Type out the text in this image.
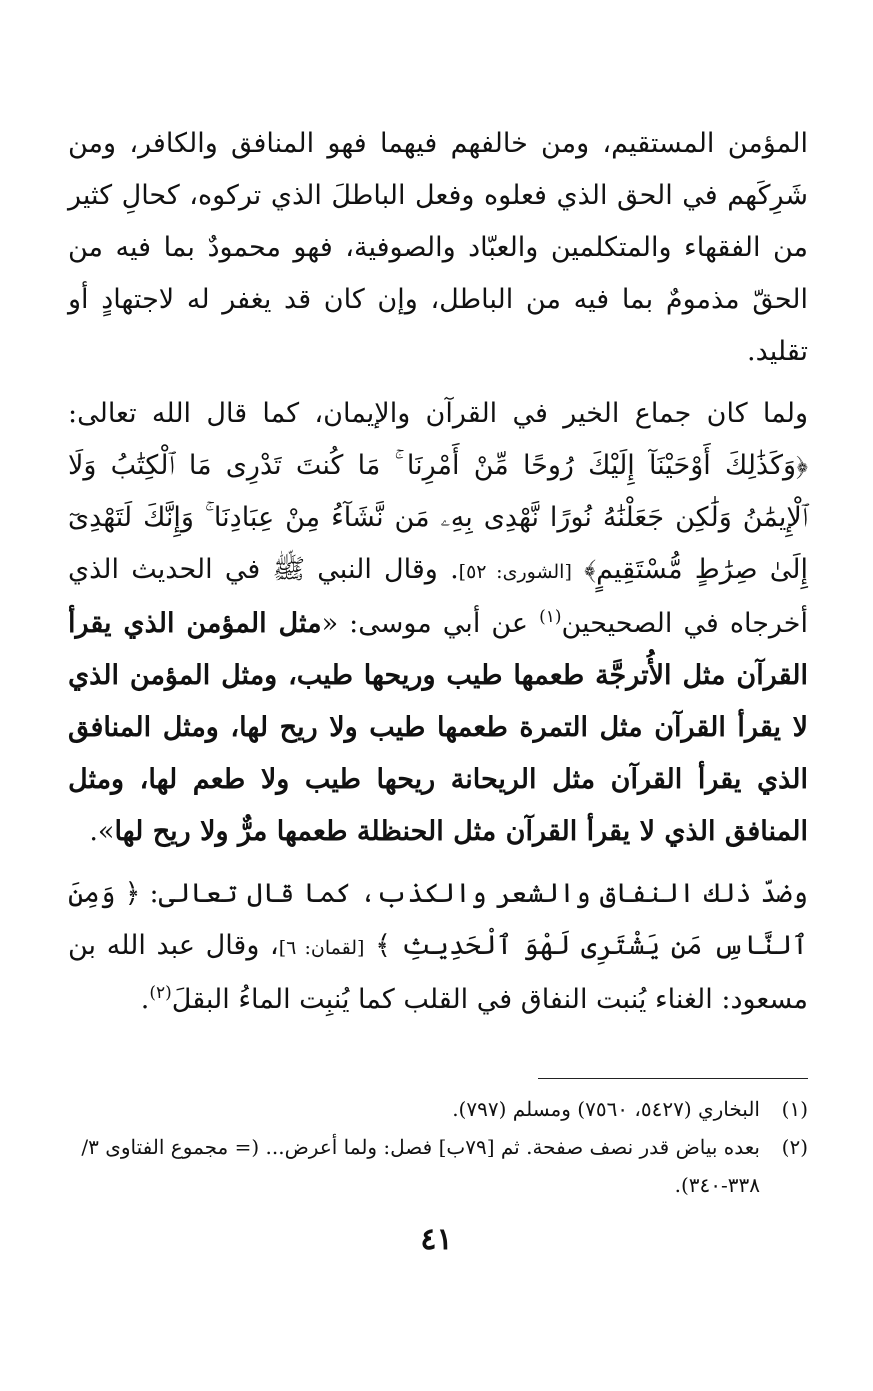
المؤمن المستقيم، ومن خالفهم فيهما فهو المنافق والكافر، ومن شَرِكَهم في الحق الذي فعلوه وفعل الباطلَ الذي تركوه، كحالِ كثير من الفقهاء والمتكلمين والعبّاد والصوفية، فهو محمودٌ بما فيه من الحقّ مذمومٌ بما فيه من الباطل، وإن كان قد يغفر له لاجتهادٍ أو تقليد.

ولما كان جماع الخير في القرآن والإيمان، كما قال الله تعالى: ﴿وَكَذَٰلِكَ أَوْحَيْنَآ إِلَيْكَ رُوحًا مِّنْ أَمْرِنَا ۚ مَا كُنتَ تَدْرِى مَا ٱلْكِتَٰبُ وَلَا ٱلْإِيمَٰنُ وَلَٰكِن جَعَلْنَٰهُ نُورًا نَّهْدِى بِهِۦ مَن نَّشَآءُ مِنْ عِبَادِنَا ۚ وَإِنَّكَ لَتَهْدِىٓ إِلَىٰ صِرَٰطٍ مُّسْتَقِيمٍ﴾ [الشورى: ٥٢]. وقال النبي ﷺ في الحديث الذي أخرجاه في الصحيحين$^{(١)}$ عن أبي موسى: «مثل المؤمن الذي يقرأ القرآن مثل الأُترجَّة طعمها طيب وريحها طيب، ومثل المؤمن الذي لا يقرأ القرآن مثل التمرة طعمها طيب ولا ريح لها، ومثل المنافق الذي يقرأ القرآن مثل الريحانة ريحها طيب ولا طعم لها، ومثل المنافق الذي لا يقرأ القرآن مثل الحنظلة طعمها مرٌّ ولا ريح لها».

وضدّ ذلك النفاق والشعر والكذب، كما قال تعالى: ﴿ وَمِنَ ٱلنَّاسِ مَن يَشْتَرِى لَهْوَ ٱلْحَدِيثِ ﴾ [لقمان: ٦]، وقال عبد الله بن مسعود: الغناء يُنبت النفاق في القلب كما يُنبِت الماءُ البقلَ$^{(٢)}$.

(١)
البخاري (٥٤٢٧، ٧٥٦٠) ومسلم (٧٩٧).
(٢)
بعده بياض قدر نصف صفحة. ثم [٧٩ب] فصل: ولما أعرض... (= مجموع الفتاوى ٣/ ٣٣٨-٣٤٠).
٤١
